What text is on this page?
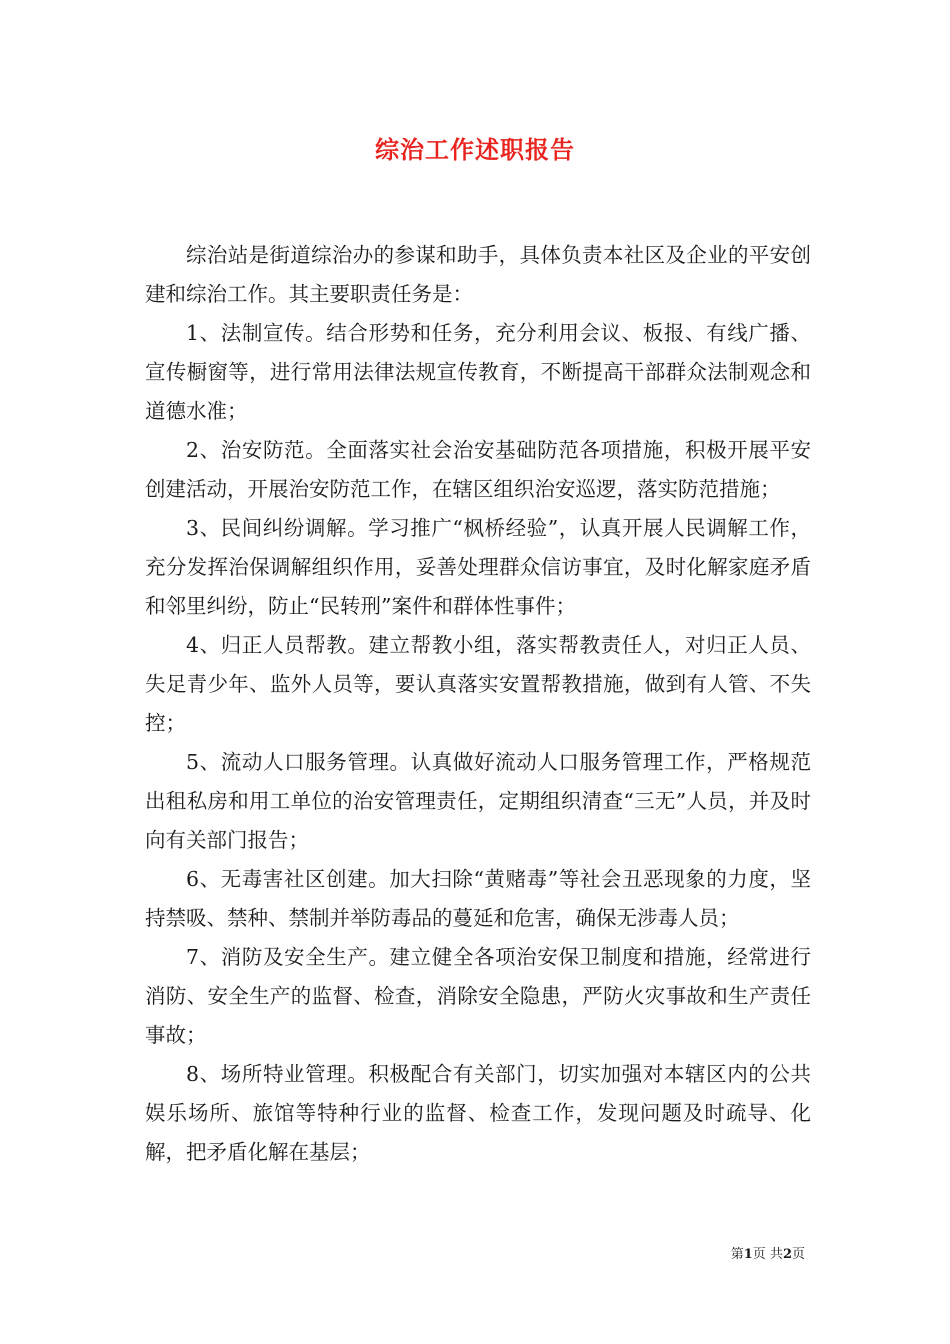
综治工作述职报告

综治站是街道综治办的参谋和助手，具体负责本社区及企业的平安创建和综治工作。其主要职责任务是：

1、法制宣传。结合形势和任务，充分利用会议、板报、有线广播、宣传橱窗等，进行常用法律法规宣传教育，不断提高干部群众法制观念和道德水准；

2、治安防范。全面落实社会治安基础防范各项措施，积极开展平安创建活动，开展治安防范工作，在辖区组织治安巡逻，落实防范措施；

3、民间纠纷调解。学习推广“枫桥经验”，认真开展人民调解工作，充分发挥治保调解组织作用，妥善处理群众信访事宜，及时化解家庭矛盾和邻里纠纷，防止“民转刑”案件和群体性事件；

4、归正人员帮教。建立帮教小组，落实帮教责任人，对归正人员、失足青少年、监外人员等，要认真落实安置帮教措施，做到有人管、不失控；

5、流动人口服务管理。认真做好流动人口服务管理工作，严格规范出租私房和用工单位的治安管理责任，定期组织清查“三无”人员，并及时向有关部门报告；

6、无毒害社区创建。加大扫除“黄赌毒”等社会丑恶现象的力度，坚持禁吸、禁种、禁制并举防毒品的蔓延和危害，确保无涉毒人员；

7、消防及安全生产。建立健全各项治安保卫制度和措施，经常进行消防、安全生产的监督、检查，消除安全隐患，严防火灾事故和生产责任事故；

8、场所特业管理。积极配合有关部门，切实加强对本辖区内的公共娱乐场所、旅馆等特种行业的监督、检查工作，发现问题及时疏导、化解，把矛盾化解在基层；

第1页 共2页
